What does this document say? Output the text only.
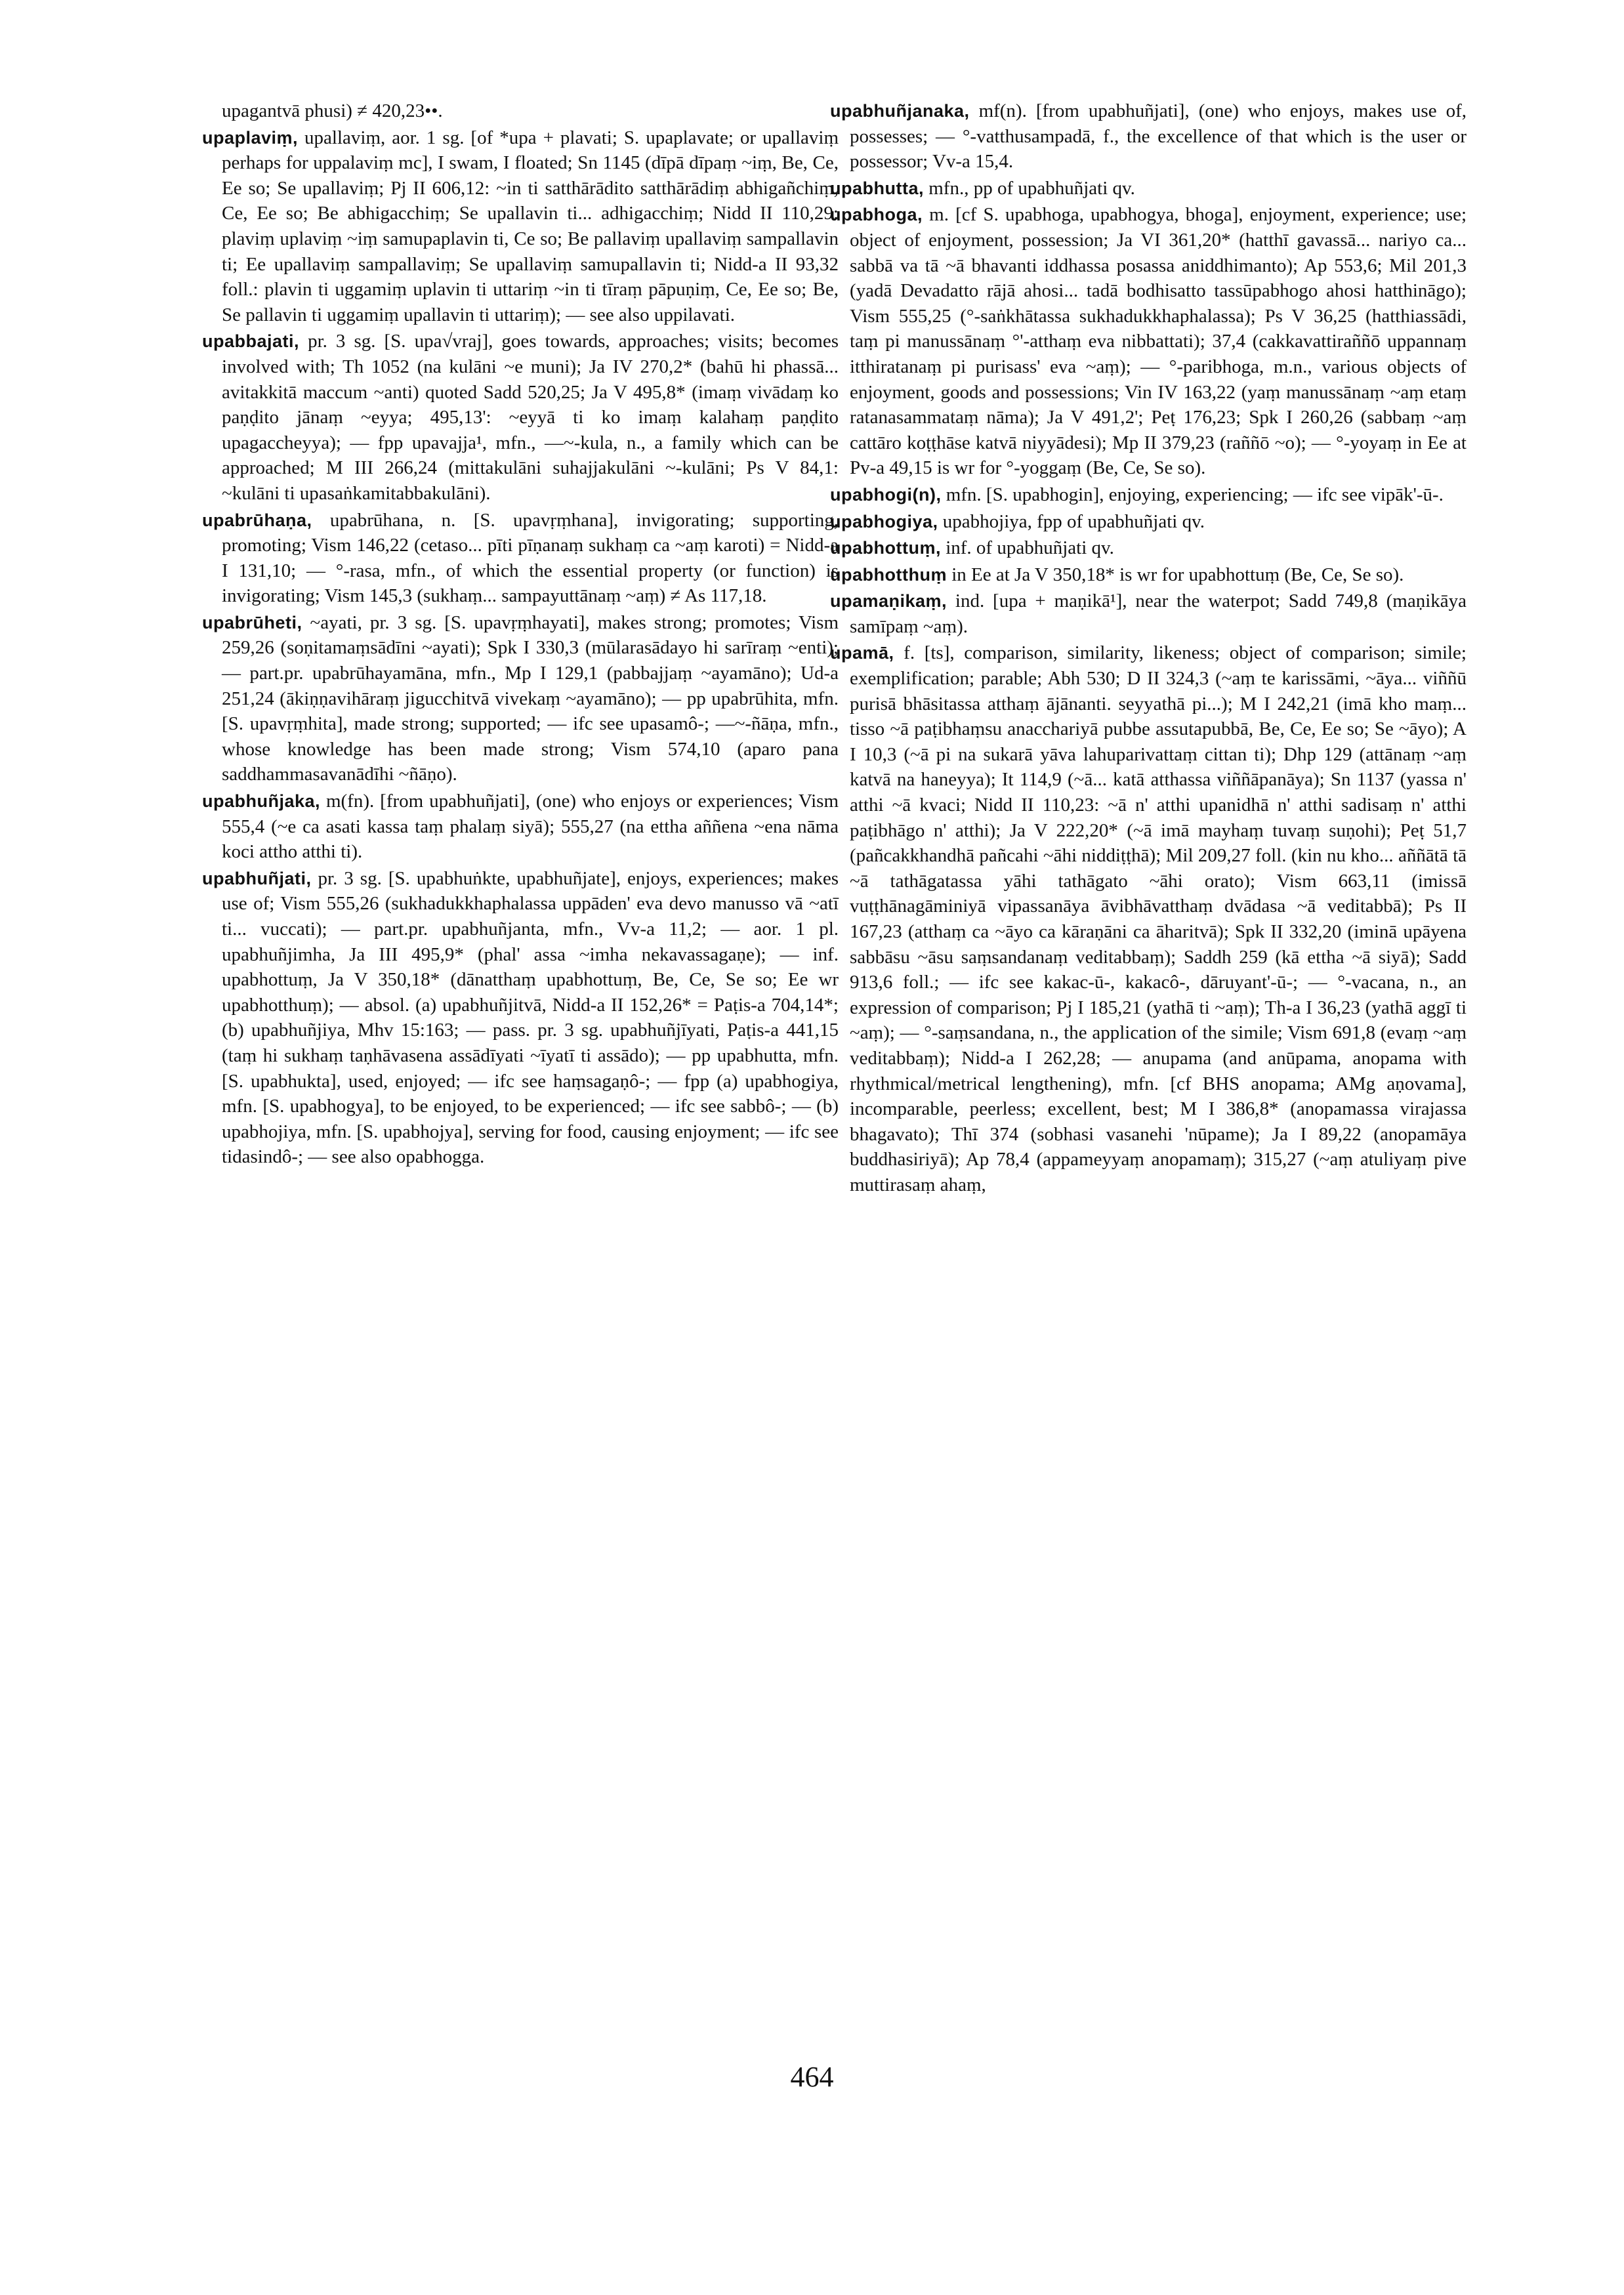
upagantvā phusi) ≠ 420,23••.

upaplaviṃ, upallaviṃ, aor. 1 sg. [of *upa + plavati; S. upaplavate; or upallaviṃ perhaps for uppalaviṃ mc], I swam, I floated; Sn 1145 (dīpā dīpaṃ ~iṃ, Be, Ce, Ee so; Se upallaviṃ; Pj II 606,12: ~in ti satthārādito satthārādiṃ abhigañchiṃ, Ce, Ee so; Be abhigacchiṃ; Se upallavin ti... adhigacchiṃ; Nidd II 110,29: plaviṃ uplaviṃ ~iṃ samupaplavin ti, Ce so; Be pallaviṃ upallaviṃ sampallavin ti; Ee upallaviṃ sampallaviṃ; Se upallaviṃ samupallavin ti; Nidd-a II 93,32 foll.: plavin ti uggamiṃ uplavin ti uttariṃ ~in ti tīraṃ pāpuṇiṃ, Ce, Ee so; Be, Se pallavin ti uggamiṃ upallavin ti uttariṃ); — see also uppilavati.

upabbajati, pr. 3 sg. [S. upa√vraj], goes towards, approaches; visits; becomes involved with; Th 1052 (na kulāni ~e muni); Ja IV 270,2* (bahū hi phassā... avitakkitā maccum ~anti) quoted Sadd 520,25; Ja V 495,8* (imaṃ vivādaṃ ko paṇḍito jānaṃ ~eyya; 495,13': ~eyyā ti ko imaṃ kalahaṃ paṇḍito upagaccheyya); — fpp upavajja¹, mfn., —~-kula, n., a family which can be approached; M III 266,24 (mittakulāni suhajjakulāni ~-kulāni; Ps V 84,1: ~kulāni ti upasaṅkamitabbakulāni).

upabrūhaṇa, upabrūhana, n. [S. upavṛṃhana], invigorating; supporting, promoting; Vism 146,22 (cetaso... pīti pīṇanaṃ sukhaṃ ca ~aṃ karoti) = Nidd-a I 131,10; — °-rasa, mfn., of which the essential property (or function) is invigorating; Vism 145,3 (sukhaṃ... sampayuttānaṃ ~aṃ) ≠ As 117,18.

upabrūheti, ~ayati, pr. 3 sg. [S. upavṛṃhayati], makes strong; promotes; Vism 259,26 (soṇitamaṃsādīni ~ayati); Spk I 330,3 (mūlarasādayo hi sarīraṃ ~enti); — part.pr. upabrūhayamāna, mfn., Mp I 129,1 (pabbajjaṃ ~ayamāno); Ud-a 251,24 (ākiṇṇavihāraṃ jigucchitvā vivekaṃ ~ayamāno); — pp upabrūhita, mfn. [S. upavṛṃhita], made strong; supported; — ifc see upasamô-; —~-ñāṇa, mfn., whose knowledge has been made strong; Vism 574,10 (aparo pana saddhammasavanādīhi ~ñāṇo).

upabhuñjaka, m(fn). [from upabhuñjati], (one) who enjoys or experiences; Vism 555,4 (~e ca asati kassa taṃ phalaṃ siyā); 555,27 (na ettha aññena ~ena nāma koci attho atthi ti).

upabhuñjati, pr. 3 sg. [S. upabhuṅkte, upabhuñjate], enjoys, experiences; makes use of; Vism 555,26 (sukhadukkhaphalassa uppāden' eva devo manusso vā ~atī ti... vuccati); — part.pr. upabhuñjanta, mfn., Vv-a 11,2; — aor. 1 pl. upabhuñjimha, Ja III 495,9* (phal' assa ~imha nekavassagaṇe); — inf. upabhottuṃ, Ja V 350,18* (dānatthaṃ upabhottuṃ, Be, Ce, Se so; Ee wr upabhotthuṃ); — absol. (a) upabhuñjitvā, Nidd-a II 152,26* = Paṭis-a 704,14*; (b) upabhuñjiya, Mhv 15:163; — pass. pr. 3 sg. upabhuñjīyati, Paṭis-a 441,15 (taṃ hi sukhaṃ taṇhāvasena assādīyati ~īyatī ti assādo); — pp upabhutta, mfn. [S. upabhukta], used, enjoyed; — ifc see haṃsagaṇô-; — fpp (a) upabhogiya, mfn. [S. upabhogya], to be enjoyed, to be experienced; — ifc see sabbô-; — (b) upabhojiya, mfn. [S. upabhojya], serving for food, causing enjoyment; — ifc see tidasindô-; — see also opabhogga.

upabhuñjanaka, mf(n). [from upabhuñjati], (one) who enjoys, makes use of, possesses; — °-vatthusampadā, f., the excellence of that which is the user or possessor; Vv-a 15,4.

upabhutta, mfn., pp of upabhuñjati qv.

upabhoga, m. [cf S. upabhoga, upabhogya, bhoga], enjoyment, experience; use; object of enjoyment, possession; Ja VI 361,20* (hatthī gavassā... nariyo ca... sabbā va tā ~ā bhavanti iddhassa posassa aniddhimanto); Ap 553,6; Mil 201,3 (yadā Devadatto rājā ahosi... tadā bodhisatto tassūpabhogo ahosi hatthināgo); Vism 555,25 (°-saṅkhātassa sukhadukkhaphalassa); Ps V 36,25 (hatthiassādi, taṃ pi manussānaṃ °'-atthaṃ eva nibbattati); 37,4 (cakkavattiraññō uppannaṃ itthiratanaṃ pi purisass' eva ~aṃ); — °-paribhoga, m.n., various objects of enjoyment, goods and possessions; Vin IV 163,22 (yaṃ manussānaṃ ~aṃ etaṃ ratanasammataṃ nāma); Ja V 491,2'; Peṭ 176,23; Spk I 260,26 (sabbaṃ ~aṃ cattāro koṭṭhāse katvā niyyādesi); Mp II 379,23 (raññō ~o); — °-yoyaṃ in Ee at Pv-a 49,15 is wr for °-yoggaṃ (Be, Ce, Se so).

upabhogi(n), mfn. [S. upabhogin], enjoying, experiencing; — ifc see vipāk'-ū-.

upabhogiya, upabhojiya, fpp of upabhuñjati qv.

upabhottuṃ, inf. of upabhuñjati qv.

upabhotthuṃ in Ee at Ja V 350,18* is wr for upabhottuṃ (Be, Ce, Se so).

upamaṇikaṃ, ind. [upa + maṇikā¹], near the waterpot; Sadd 749,8 (maṇikāya samīpaṃ ~aṃ).

upamā, f. [ts], comparison, similarity, likeness; object of comparison; simile; exemplification; parable; Abh 530; D II 324,3 (~aṃ te karissāmi, ~āya... viññū purisā bhāsitassa atthaṃ ājānanti. seyyathā pi...); M I 242,21 (imā kho maṃ... tisso ~ā paṭibhaṃsu anacchariyā pubbe assutapubbā, Be, Ce, Ee so; Se ~āyo); A I 10,3 (~ā pi na sukarā yāva lahuparivattaṃ cittan ti); Dhp 129 (attānaṃ ~aṃ katvā na haneyya); It 114,9 (~ā... katā atthassa viññāpanāya); Sn 1137 (yassa n' atthi ~ā kvaci; Nidd II 110,23: ~ā n' atthi upanidhā n' atthi sadisaṃ n' atthi paṭibhāgo n' atthi); Ja V 222,20* (~ā imā mayhaṃ tuvaṃ suṇohi); Peṭ 51,7 (pañcakkhandhā pañcahi ~āhi niddiṭṭhā); Mil 209,27 foll. (kin nu kho... aññātā tā ~ā tathāgatassa yāhi tathāgato ~āhi orato); Vism 663,11 (imissā vuṭṭhānagāminiyā vipassanāya āvibhāvatthaṃ dvādasa ~ā veditabbā); Ps II 167,23 (atthaṃ ca ~āyo ca kāraṇāni ca āharitvā); Spk II 332,20 (iminā upāyena sabbāsu ~āsu saṃsandanaṃ veditabbaṃ); Saddh 259 (kā ettha ~ā siyā); Sadd 913,6 foll.; — ifc see kakac-ū-, kakacô-, dāruyant'-ū-; — °-vacana, n., an expression of comparison; Pj I 185,21 (yathā ti ~aṃ); Th-a I 36,23 (yathā aggī ti ~aṃ); — °-saṃsandana, n., the application of the simile; Vism 691,8 (evaṃ ~aṃ veditabbaṃ); Nidd-a I 262,28; — anupama (and anūpama, anopama with rhythmical/metrical lengthening), mfn. [cf BHS anopama; AMg aṇovama], incomparable, peerless; excellent, best; M I 386,8* (anopamassa virajassa bhagavato); Thī 374 (sobhasi vasanehi 'nūpame); Ja I 89,22 (anopamāya buddhasiriyā); Ap 78,4 (appameyyaṃ anopamaṃ); 315,27 (~aṃ atuliyaṃ pive muttirasaṃ ahaṃ,

464
